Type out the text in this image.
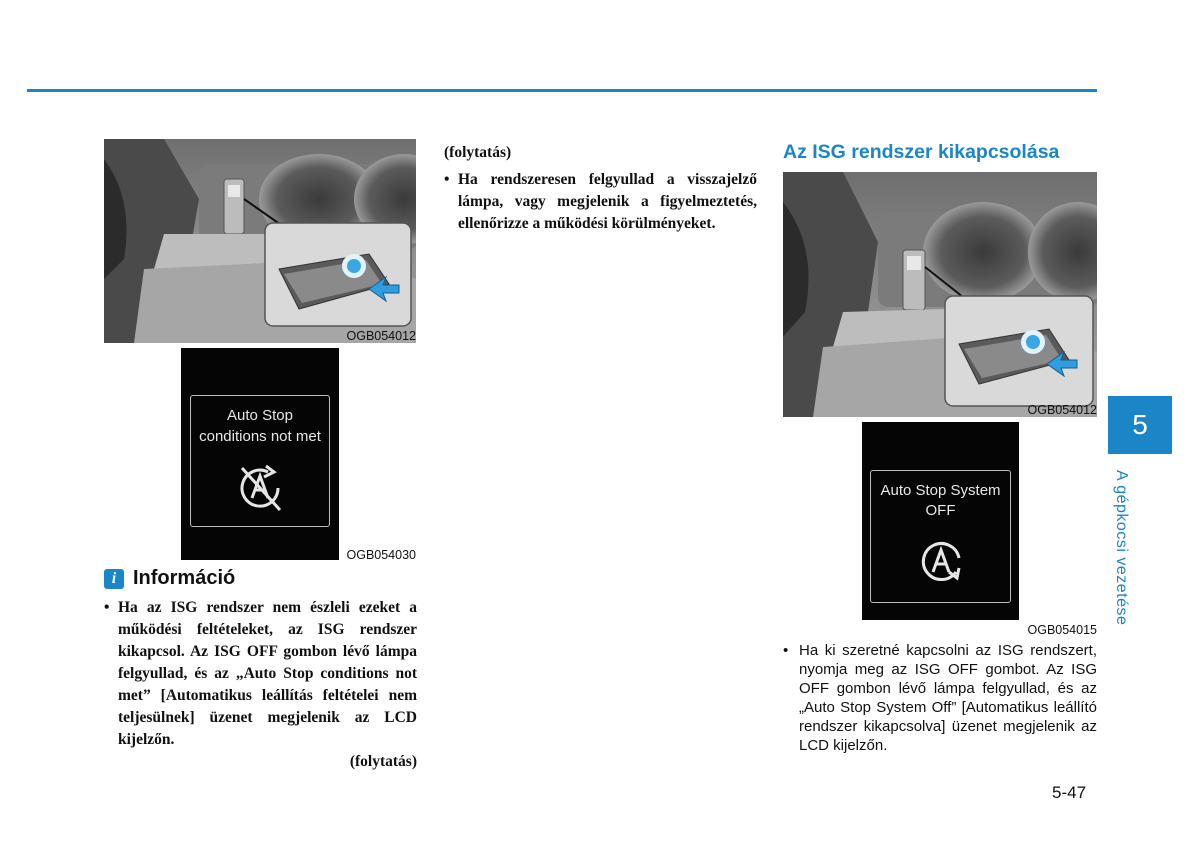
OGB054012
Auto Stop
conditions not met
OGB054030
i Információ
• Ha az ISG rendszer nem észleli ezeket a működési feltételeket, az ISG rendszer kikapcsol. Az ISG OFF gombon lévő lámpa felgyullad, és az „Auto Stop conditions not met” [Automatikus leállítás feltételei nem teljesülnek] üzenet megjelenik az LCD kijelzőn.
(folytatás)
(folytatás)
• Ha rendszeresen felgyullad a visszajelző lámpa, vagy megjelenik a figyelmeztetés, ellenőrizze a működési körülményeket.
Az ISG rendszer kikapcsolása
OGB054012
Auto Stop System
OFF
OGB054015
• Ha ki szeretné kapcsolni az ISG rendszert, nyomja meg az ISG OFF gombot. Az ISG OFF gombon lévő lámpa felgyullad, és az „Auto Stop System Off” [Automatikus leállító rendszer kikapcsolva] üzenet megjelenik az LCD kijelzőn.
5
A gépkocsi vezetése
5-47
